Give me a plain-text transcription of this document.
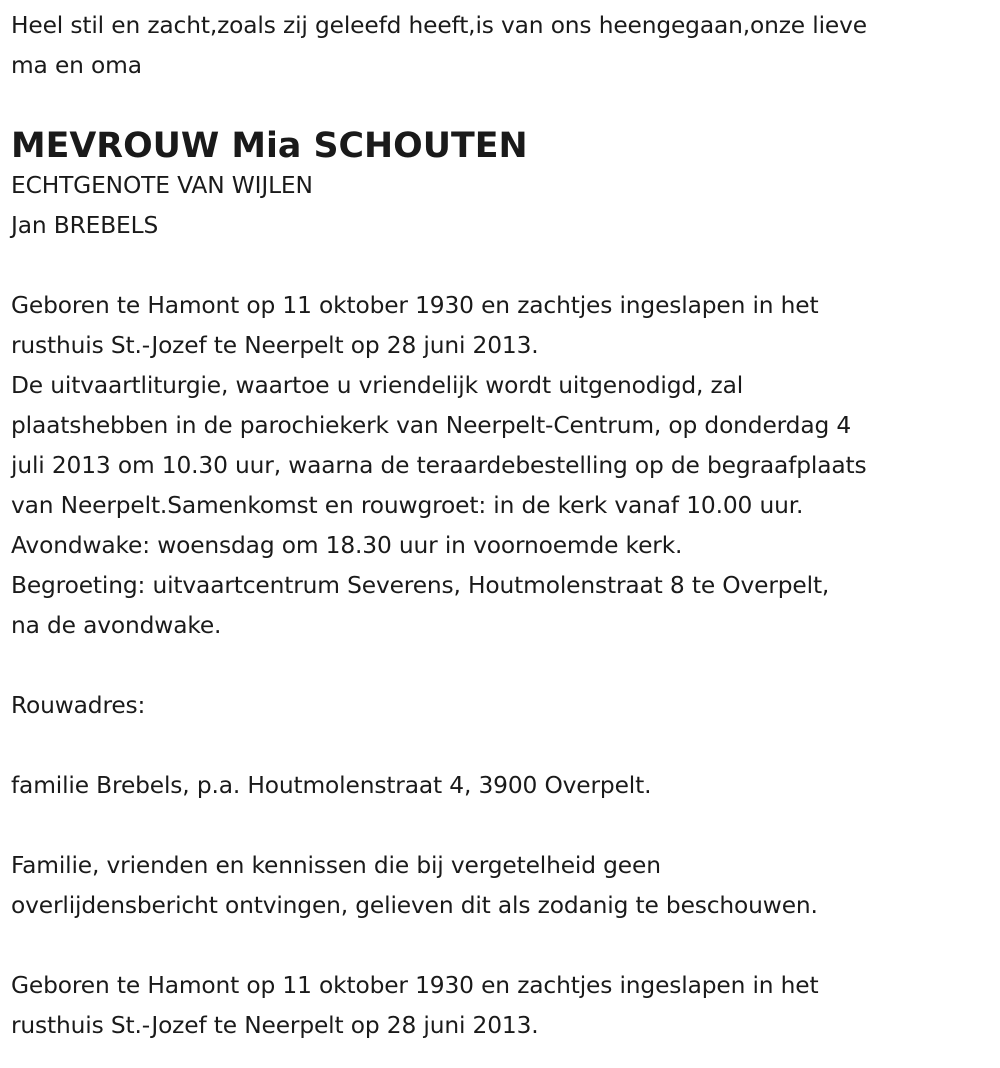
Heel stil en zacht,zoals zij geleefd heeft,is van ons heengegaan,onze lieve
ma en oma
MEVROUW Mia SCHOUTEN
ECHTGENOTE VAN WIJLEN
Jan BREBELS
Geboren te Hamont op 11 oktober 1930 en zachtjes ingeslapen in het
rusthuis St.-Jozef te Neerpelt op 28 juni 2013.
De uitvaartliturgie, waartoe u vriendelijk wordt uitgenodigd, zal
plaatshebben in de parochiekerk van Neerpelt-Centrum, op donderdag 4
juli 2013 om 10.30 uur, waarna de teraardebestelling op de begraafplaats
van Neerpelt.Samenkomst en rouwgroet: in de kerk vanaf 10.00 uur.
Avondwake: woensdag om 18.30 uur in voornoemde kerk.
Begroeting: uitvaartcentrum Severens, Houtmolenstraat 8 te Overpelt,
na de avondwake.
Rouwadres:
familie Brebels, p.a. Houtmolenstraat 4, 3900 Overpelt.
Familie, vrienden en kennissen die bij vergetelheid geen
overlijdensbericht ontvingen, gelieven dit als zodanig te beschouwen.
Geboren te Hamont op 11 oktober 1930 en zachtjes ingeslapen in het
rusthuis St.-Jozef te Neerpelt op 28 juni 2013.
